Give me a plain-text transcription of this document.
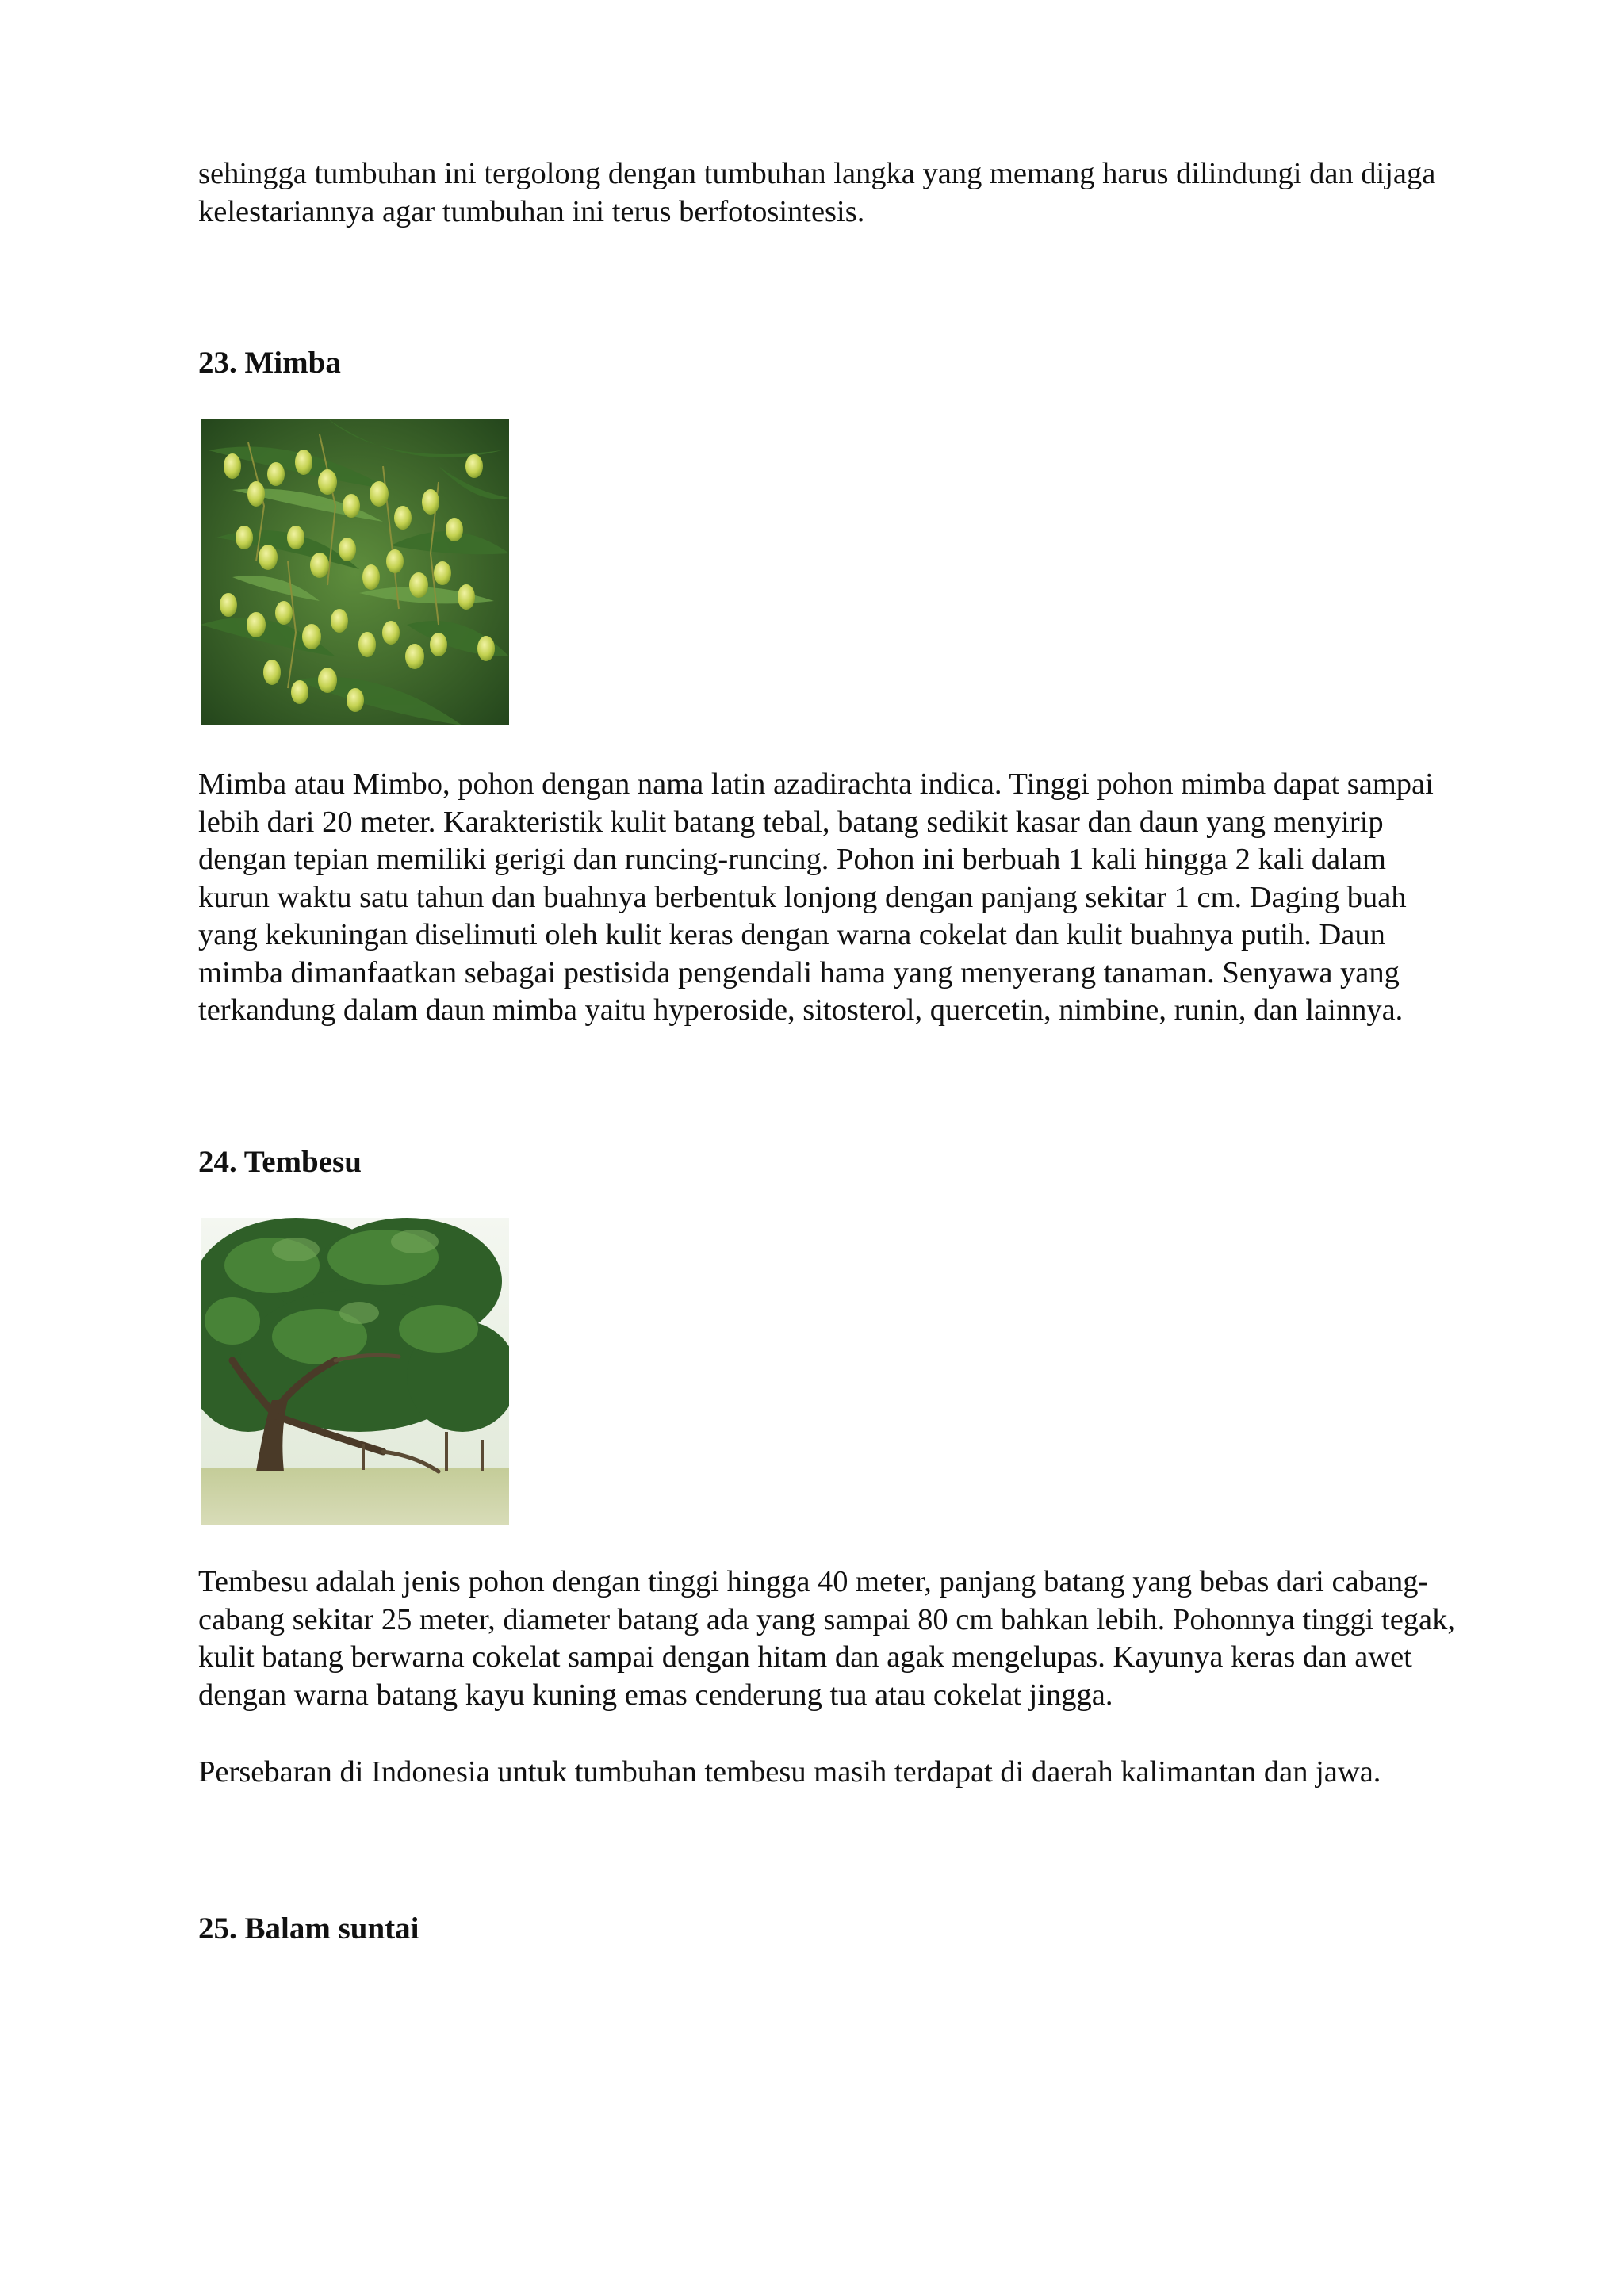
sehingga tumbuhan ini tergolong dengan tumbuhan langka yang memang harus dilindungi dan dijaga
kelestariannya agar tumbuhan ini terus berfotosintesis.

23. Mimba

Mimba atau Mimbo, pohon dengan nama latin azadirachta indica. Tinggi pohon mimba dapat sampai
lebih dari 20 meter. Karakteristik kulit batang tebal, batang sedikit kasar dan daun yang menyirip
dengan tepian memiliki gerigi dan runcing-runcing. Pohon ini berbuah 1 kali hingga 2 kali dalam
kurun waktu satu tahun dan buahnya berbentuk lonjong dengan panjang sekitar 1 cm. Daging buah
yang kekuningan diselimuti oleh kulit keras dengan warna cokelat dan kulit buahnya putih. Daun
mimba dimanfaatkan sebagai pestisida pengendali hama yang menyerang tanaman. Senyawa yang
terkandung dalam daun mimba yaitu hyperoside, sitosterol, quercetin, nimbine, runin, dan lainnya.

24. Tembesu

Tembesu adalah jenis pohon dengan tinggi hingga 40 meter, panjang batang yang bebas dari cabang-
cabang sekitar 25 meter, diameter batang ada yang sampai 80 cm bahkan lebih. Pohonnya tinggi tegak,
kulit batang berwarna cokelat sampai dengan hitam dan agak mengelupas. Kayunya keras dan awet
dengan warna batang kayu kuning emas cenderung tua atau cokelat jingga.

Persebaran di Indonesia untuk tumbuhan tembesu masih terdapat di daerah kalimantan dan jawa.

25. Balam suntai
